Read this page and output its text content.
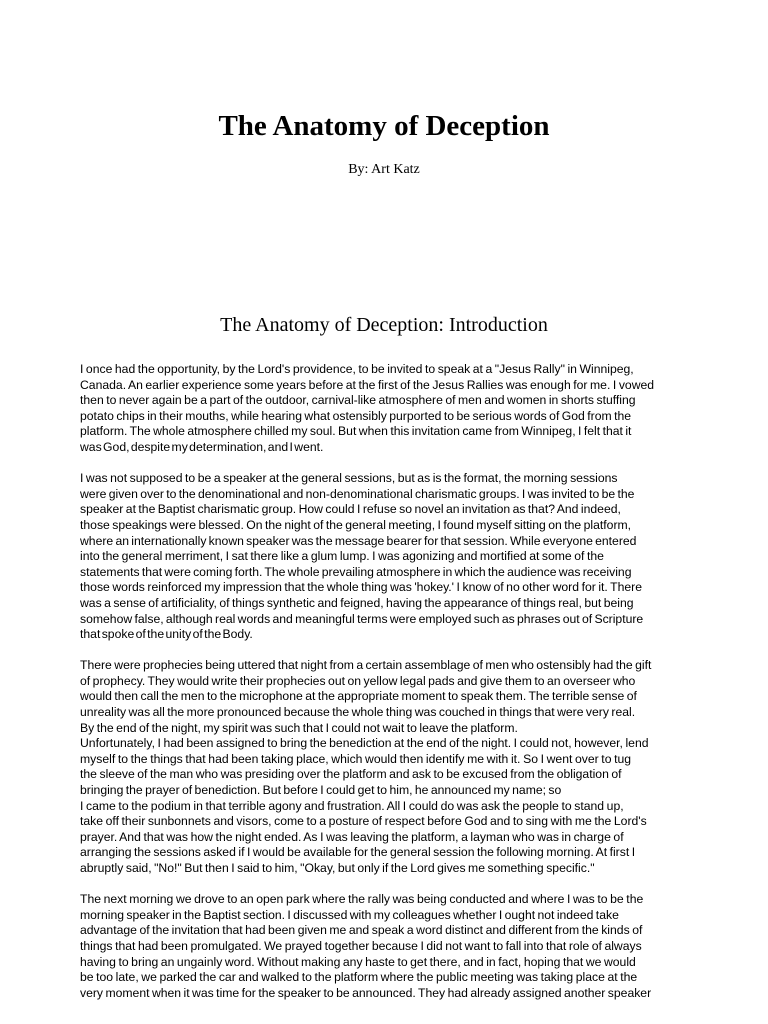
The Anatomy of Deception
By: Art Katz
The Anatomy of Deception: Introduction

I once had the opportunity, by the Lord's providence, to be invited to speak at a "Jesus Rally" in Winnipeg,
Canada. An earlier experience some years before at the first of the Jesus Rallies was enough for me. I vowed
then to never again be a part of the outdoor, carnival-like atmosphere of men and women in shorts stuffing
potato chips in their mouths, while hearing what ostensibly purported to be serious words of God from the
platform. The whole atmosphere chilled my soul. But when this invitation came from Winnipeg, I felt that it
was God, despite my determination, and I went.

I was not supposed to be a speaker at the general sessions, but as is the format, the morning sessions
were given over to the denominational and non-denominational charismatic groups. I was invited to be the
speaker at the Baptist charismatic group. How could I refuse so novel an invitation as that? And indeed,
those speakings were blessed. On the night of the general meeting, I found myself sitting on the platform,
where an internationally known speaker was the message bearer for that session. While everyone entered
into the general merriment, I sat there like a glum lump. I was agonizing and mortified at some of the
statements that were coming forth. The whole prevailing atmosphere in which the audience was receiving
those words reinforced my impression that the whole thing was 'hokey.' I know of no other word for it. There
was a sense of artificiality, of things synthetic and feigned, having the appearance of things real, but being
somehow false, although real words and meaningful terms were employed such as phrases out of Scripture
that spoke of the unity of the Body.

There were prophecies being uttered that night from a certain assemblage of men who ostensibly had the gift
of prophecy. They would write their prophecies out on yellow legal pads and give them to an overseer who
would then call the men to the microphone at the appropriate moment to speak them. The terrible sense of
unreality was all the more pronounced because the whole thing was couched in things that were very real.
By the end of the night, my spirit was such that I could not wait to leave the platform.
Unfortunately, I had been assigned to bring the benediction at the end of the night. I could not, however, lend
myself to the things that had been taking place, which would then identify me with it. So I went over to tug
the sleeve of the man who was presiding over the platform and ask to be excused from the obligation of
bringing the prayer of benediction. But before I could get to him, he announced my name; so
I came to the podium in that terrible agony and frustration. All I could do was ask the people to stand up,
take off their sunbonnets and visors, come to a posture of respect before God and to sing with me the Lord's
prayer. And that was how the night ended. As I was leaving the platform, a layman who was in charge of
arranging the sessions asked if I would be available for the general session the following morning. At first I
abruptly said, "No!" But then I said to him, "Okay, but only if the Lord gives me something specific."

The next morning we drove to an open park where the rally was being conducted and where I was to be the
morning speaker in the Baptist section. I discussed with my colleagues whether I ought not indeed take
advantage of the invitation that had been given me and speak a word distinct and different from the kinds of
things that had been promulgated. We prayed together because I did not want to fall into that role of always
having to bring an ungainly word. Without making any haste to get there, and in fact, hoping that we would
be too late, we parked the car and walked to the platform where the public meeting was taking place at the
very moment when it was time for the speaker to be announced. They had already assigned another speaker
